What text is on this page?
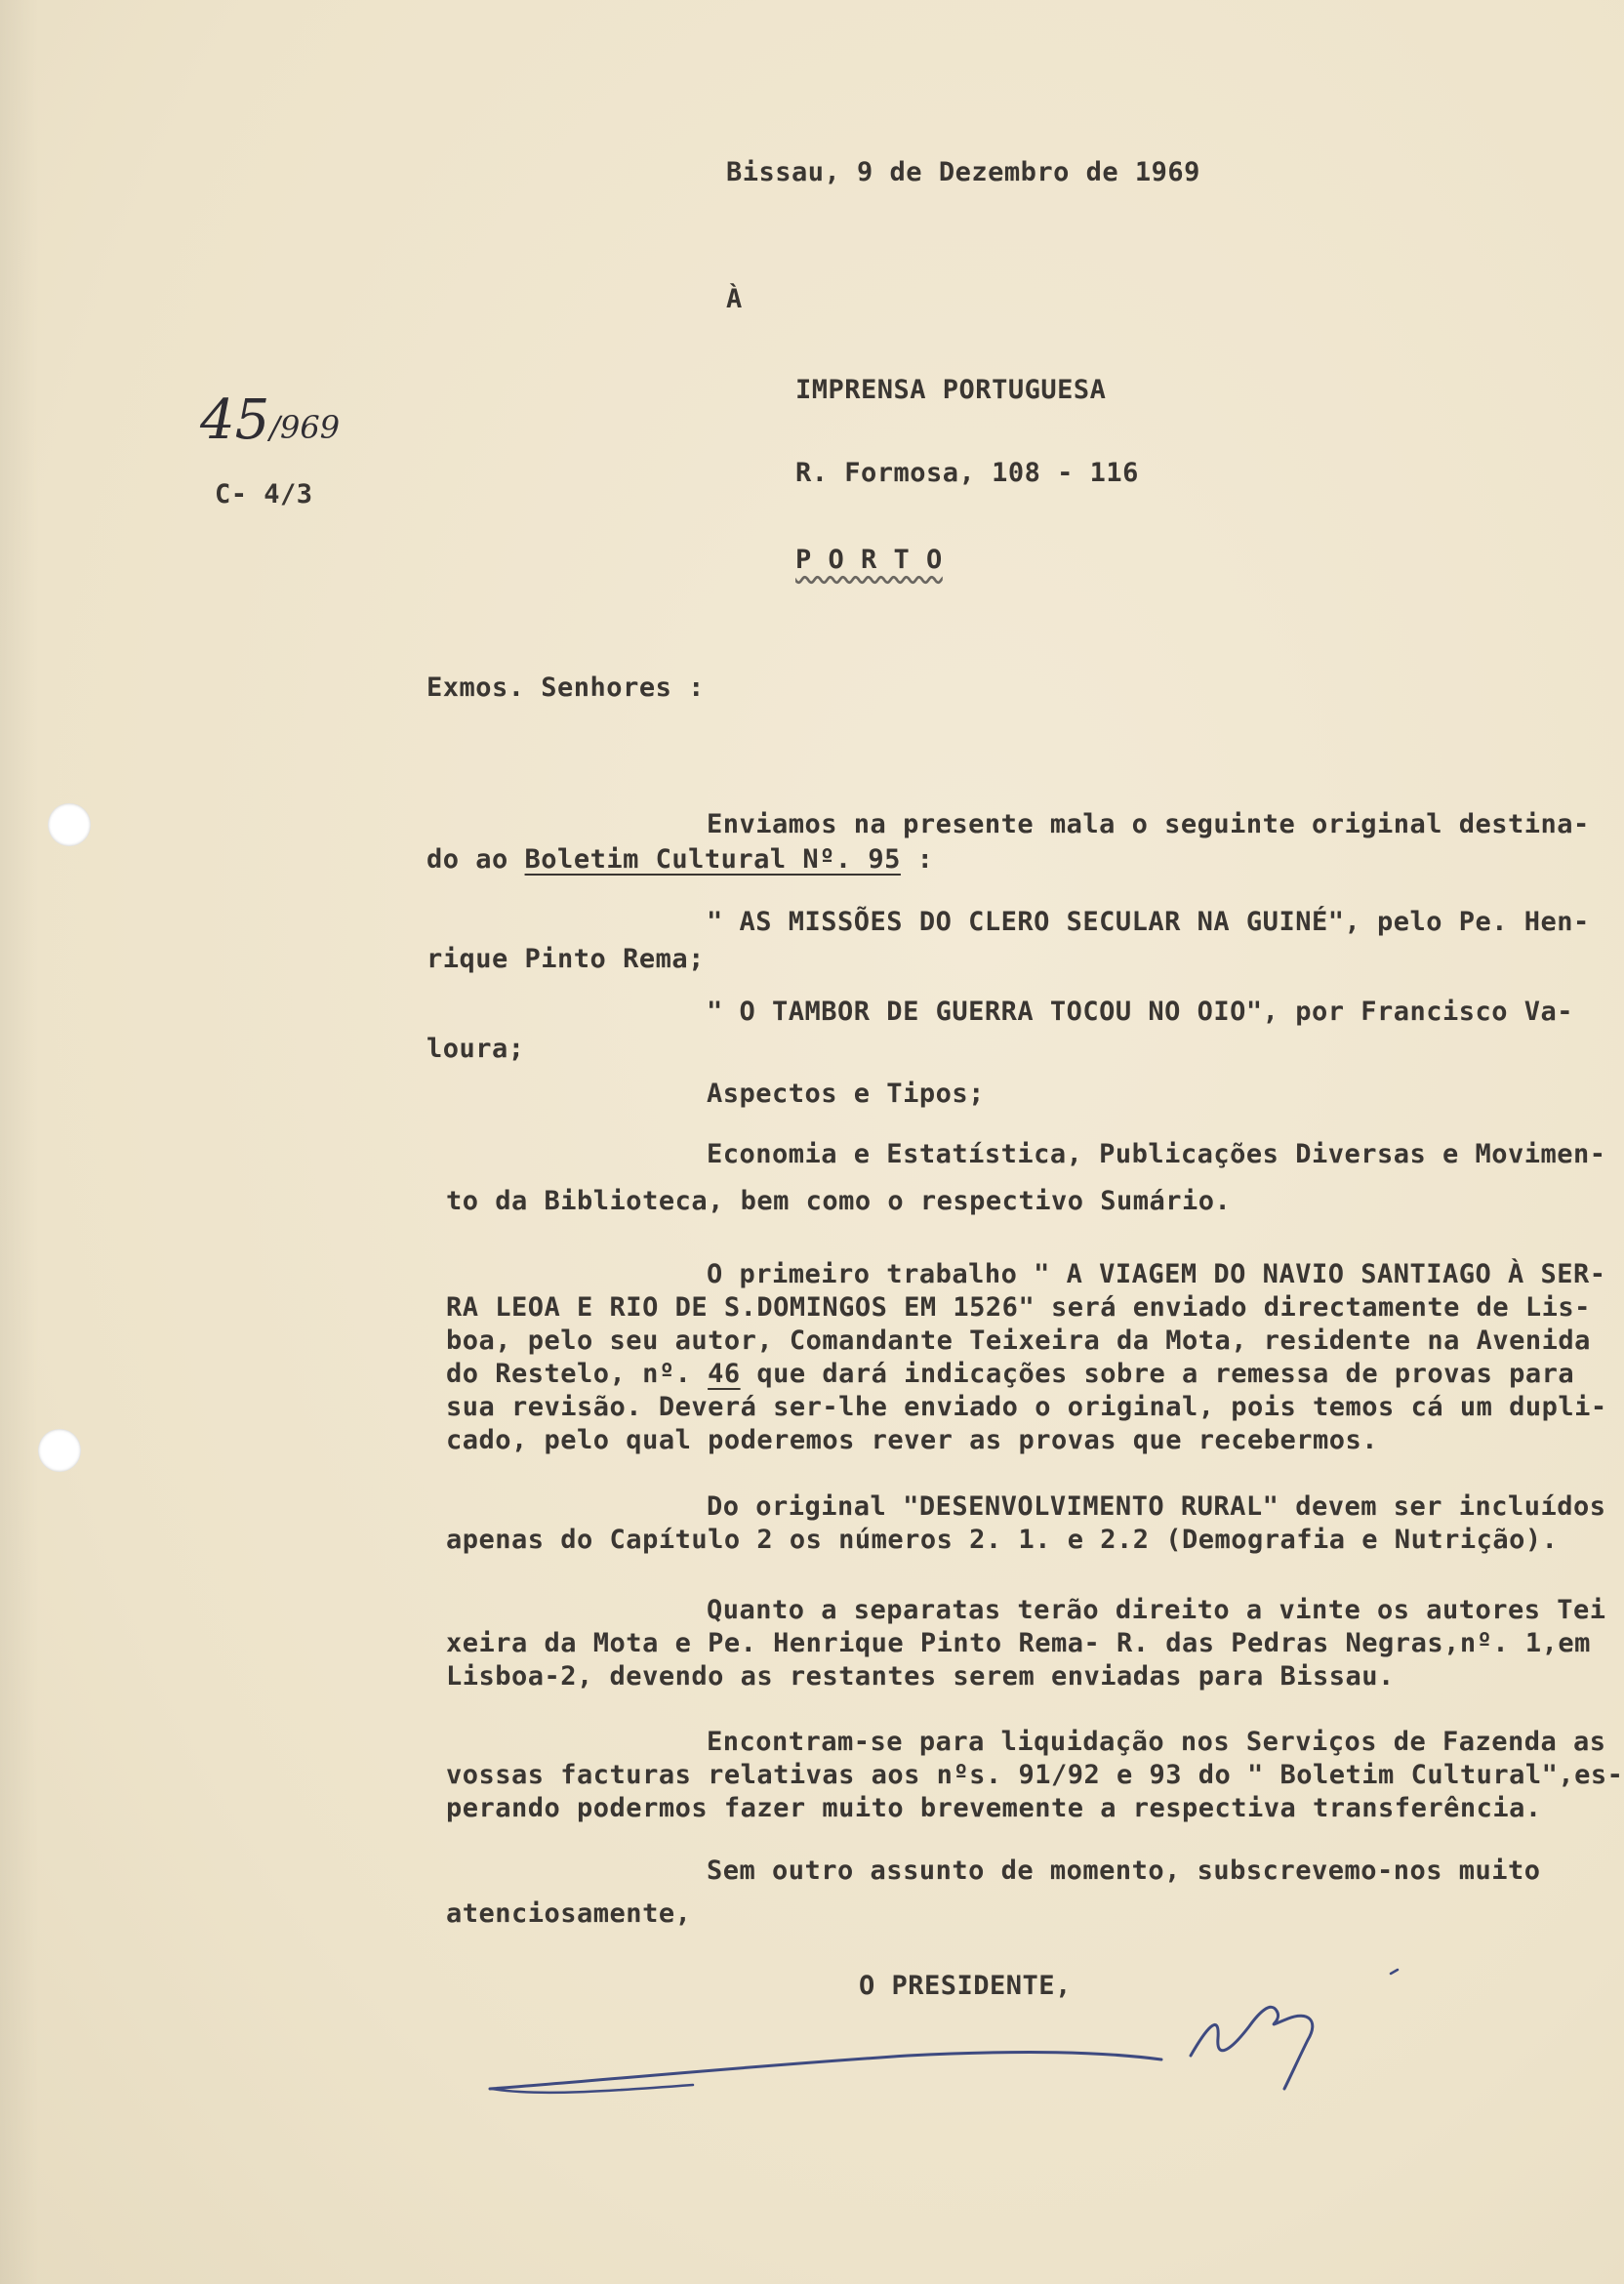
Bissau, 9 de Dezembro de 1969
À
IMPRENSA PORTUGUESA
R. Formosa, 108 - 116
P O R T O
45/969
C- 4/3
Exmos. Senhores :
Enviamos na presente mala o seguinte original destina-
do ao Boletim Cultural Nº. 95 :
" AS MISSÕES DO CLERO SECULAR NA GUINÉ", pelo Pe. Hen-
rique Pinto Rema;
" O TAMBOR DE GUERRA TOCOU NO OIO", por Francisco Va-
loura;
Aspectos e Tipos;
Economia e Estatística, Publicações Diversas e Movimen-
to da Biblioteca, bem como o respectivo Sumário.
O primeiro trabalho " A VIAGEM DO NAVIO SANTIAGO À SER-
RA LEOA E RIO DE S.DOMINGOS EM 1526" será enviado directamente de Lis-
boa, pelo seu autor, Comandante Teixeira da Mota, residente na Avenida
do Restelo, nº. 46 que dará indicações sobre a remessa de provas para
sua revisão. Deverá ser-lhe enviado o original, pois temos cá um dupli-
cado, pelo qual poderemos rever as provas que recebermos.
Do original "DESENVOLVIMENTO RURAL" devem ser incluídos
apenas do Capítulo 2 os números 2. 1. e 2.2 (Demografia e Nutrição).
Quanto a separatas terão direito a vinte os autores Tei
xeira da Mota e Pe. Henrique Pinto Rema- R. das Pedras Negras,nº. 1,em
Lisboa-2, devendo as restantes serem enviadas para Bissau.
Encontram-se para liquidação nos Serviços de Fazenda as
vossas facturas relativas aos nºs. 91/92 e 93 do " Boletim Cultural",es-
perando podermos fazer muito brevemente a respectiva transferência.
Sem outro assunto de momento, subscrevemo-nos muito
atenciosamente,
O PRESIDENTE,
